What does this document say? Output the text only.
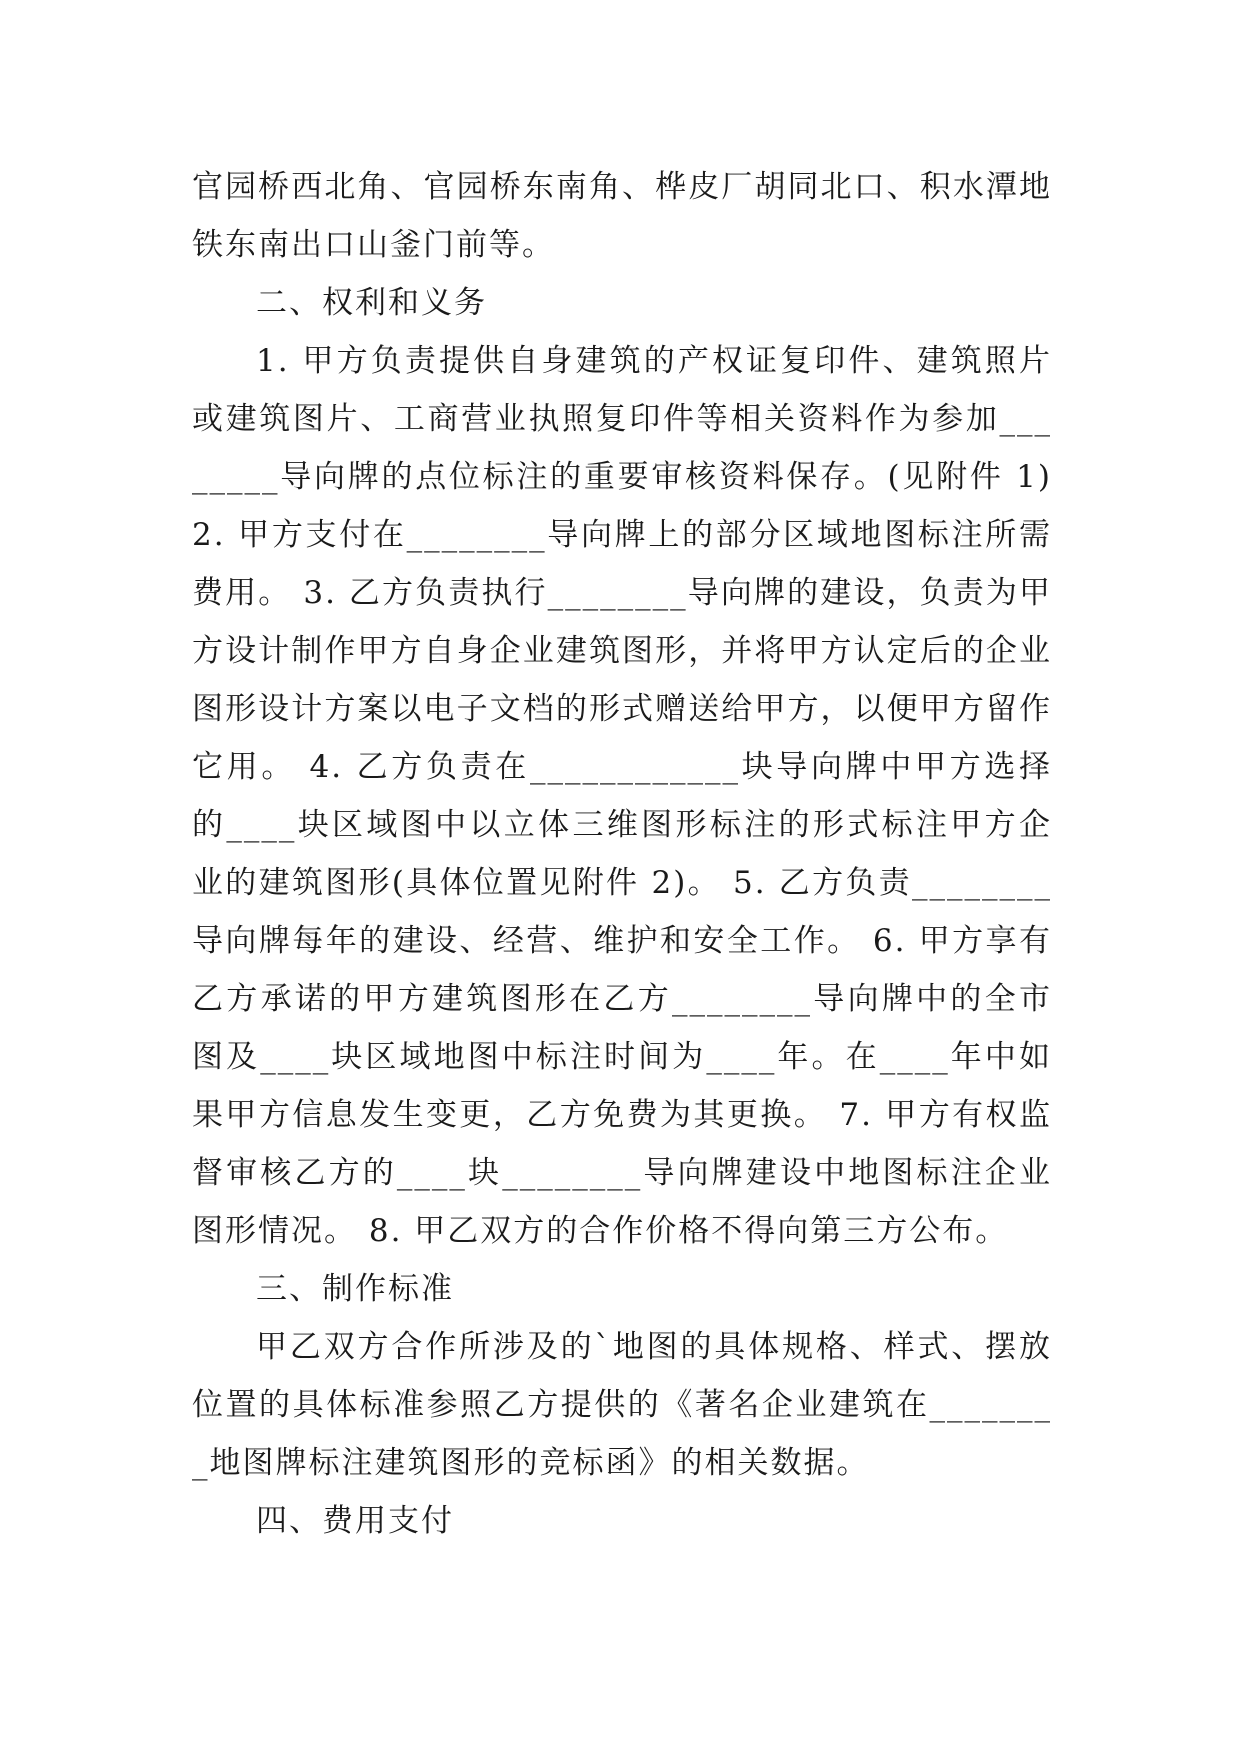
官园桥西北角、官园桥东南角、桦皮厂胡同北口、积水潭地铁东南出口山釜门前等。

二、权利和义务

1. 甲方负责提供自身建筑的产权证复印件、建筑照片或建筑图片、工商营业执照复印件等相关资料作为参加________导向牌的点位标注的重要审核资料保存。(见附件 1) 2. 甲方支付在________导向牌上的部分区域地图标注所需费用。 3. 乙方负责执行________导向牌的建设，负责为甲方设计制作甲方自身企业建筑图形，并将甲方认定后的企业图形设计方案以电子文档的形式赠送给甲方，以便甲方留作它用。 4. 乙方负责在____________块导向牌中甲方选择的____块区域图中以立体三维图形标注的形式标注甲方企业的建筑图形(具体位置见附件 2)。 5. 乙方负责________导向牌每年的建设、经营、维护和安全工作。 6. 甲方享有乙方承诺的甲方建筑图形在乙方________导向牌中的全市图及____块区域地图中标注时间为____年。在____年中如果甲方信息发生变更，乙方免费为其更换。 7. 甲方有权监督审核乙方的____块________导向牌建设中地图标注企业图形情况。 8. 甲乙双方的合作价格不得向第三方公布。

三、制作标准

甲乙双方合作所涉及的`地图的具体规格、样式、摆放位置的具体标准参照乙方提供的《著名企业建筑在________地图牌标注建筑图形的竞标函》的相关数据。

四、费用支付
